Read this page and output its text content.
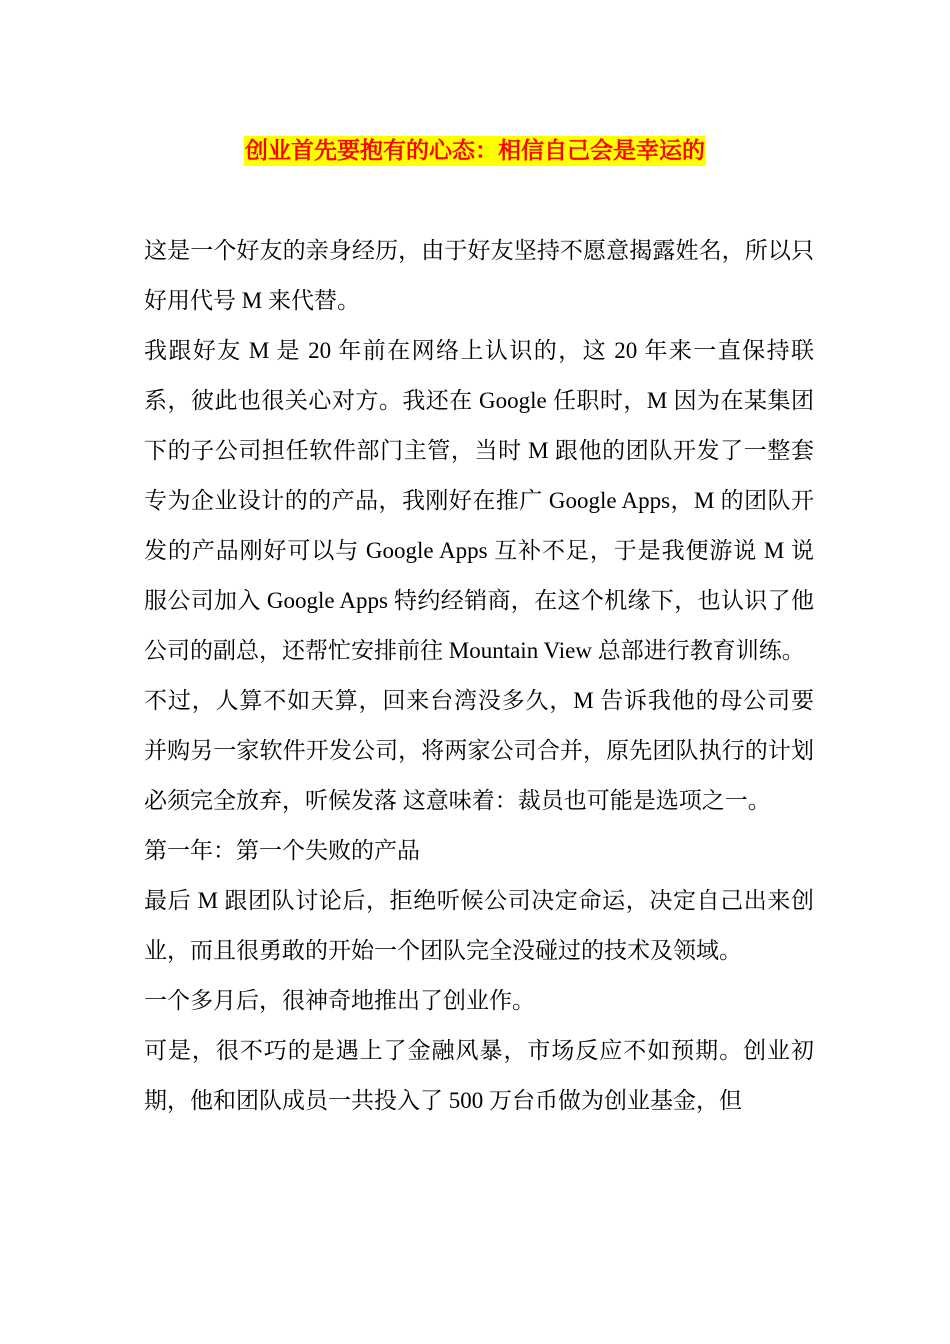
创业首先要抱有的心态：相信自己会是幸运的

这是一个好友的亲身经历，由于好友坚持不愿意揭露姓名，所以只好用代号 M 来代替。

我跟好友 M 是 20 年前在网络上认识的，这 20 年来一直保持联系，彼此也很关心对方。我还在 Google 任职时，M 因为在某集团下的子公司担任软件部门主管，当时 M 跟他的团队开发了一整套专为企业设计的的产品，我刚好在推广 Google Apps，M 的团队开发的产品刚好可以与 Google Apps 互补不足，于是我便游说 M 说服公司加入 Google Apps 特约经销商，在这个机缘下，也认识了他公司的副总，还帮忙安排前往 Mountain View 总部进行教育训练。

不过，人算不如天算，回来台湾没多久，M 告诉我他的母公司要并购另一家软件开发公司，将两家公司合并，原先团队执行的计划必须完全放弃，听候发落 这意味着：裁员也可能是选项之一。

第一年：第一个失败的产品

最后 M 跟团队讨论后，拒绝听候公司决定命运，决定自己出来创业，而且很勇敢的开始一个团队完全没碰过的技术及领域。

一个多月后，很神奇地推出了创业作。

可是，很不巧的是遇上了金融风暴，市场反应不如预期。创业初期，他和团队成员一共投入了 500 万台币做为创业基金，但
